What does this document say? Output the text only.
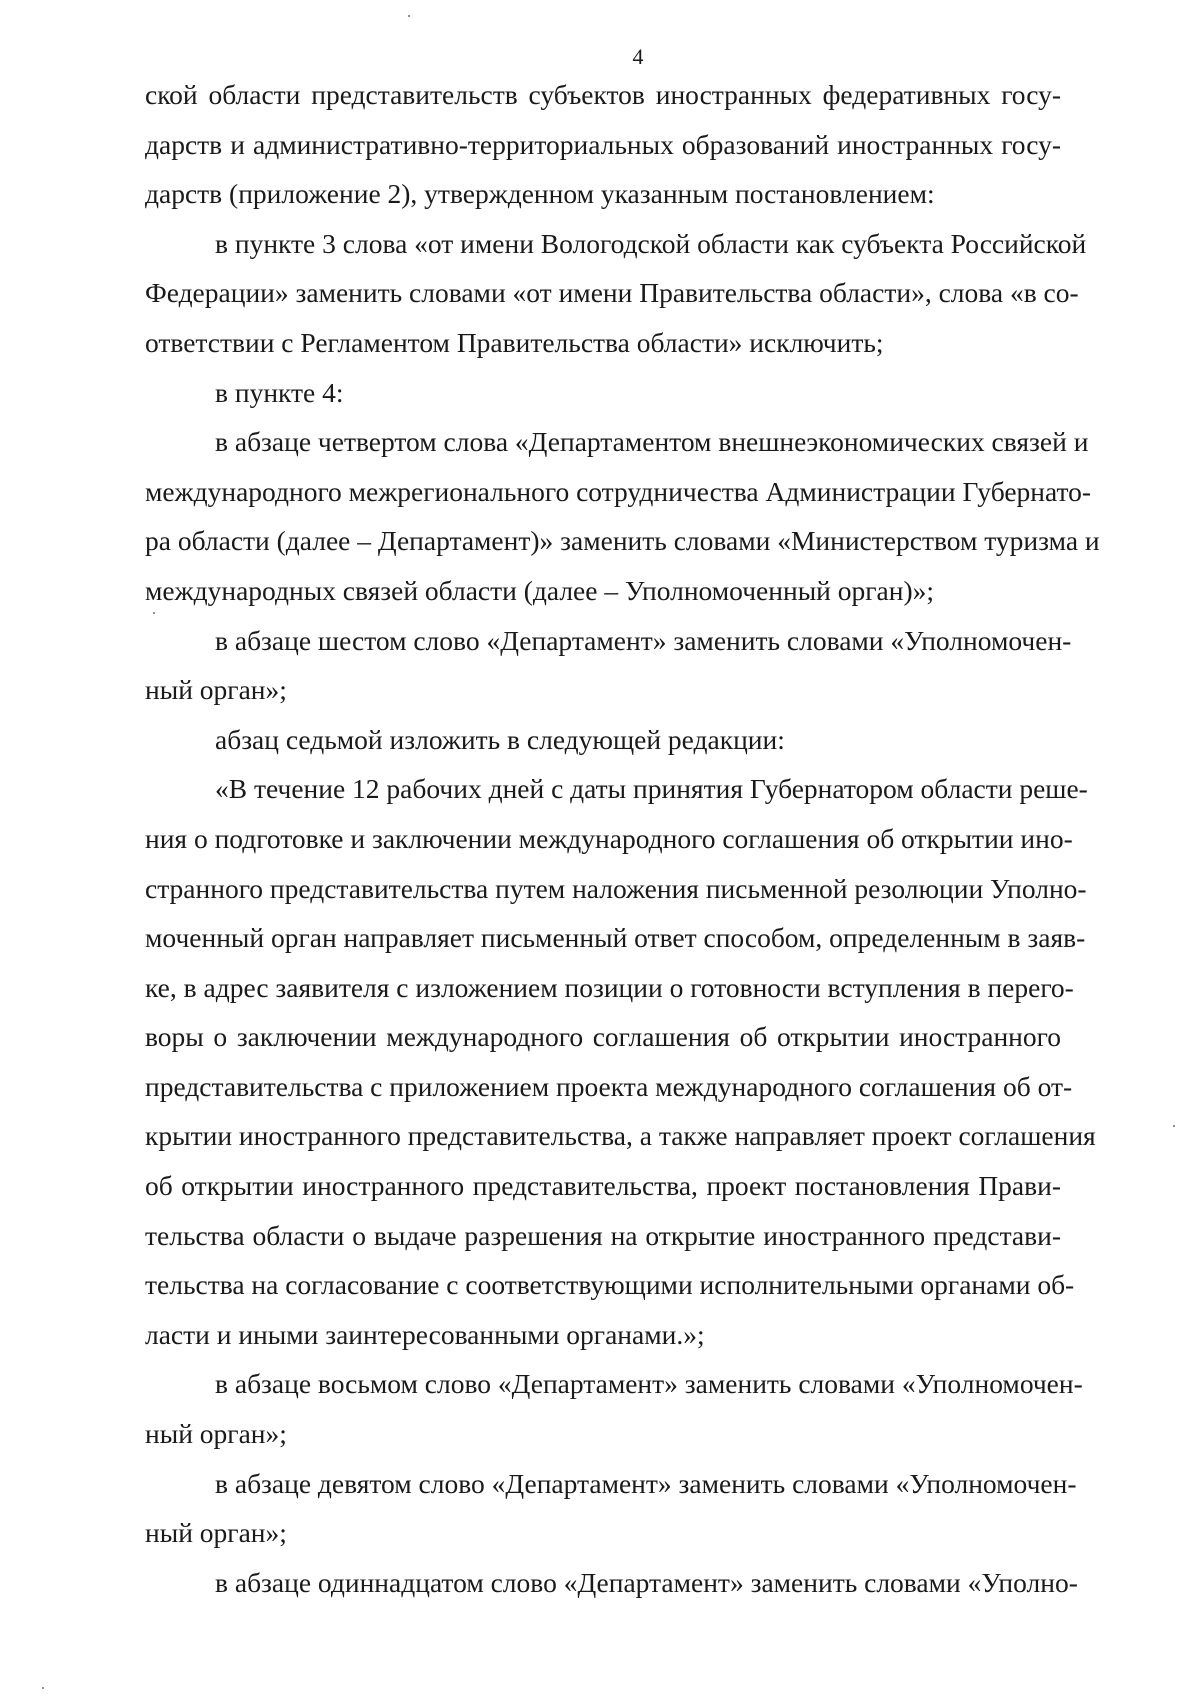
4
ской области представительств субъектов иностранных федеративных госу-
дарств и административно-территориальных образований иностранных госу-
дарств (приложение 2), утвержденном указанным постановлением:
в пункте 3 слова «от имени Вологодской области как субъекта Российской
Федерации» заменить словами «от имени Правительства области», слова «в со-
ответствии с Регламентом Правительства области» исключить;
в пункте 4:
в абзаце четвертом слова «Департаментом внешнеэкономических связей и
международного межрегионального сотрудничества Администрации Губернато-
ра области (далее – Департамент)» заменить словами «Министерством туризма и
международных связей области (далее – Уполномоченный орган)»;
в абзаце шестом слово «Департамент» заменить словами «Уполномочен-
ный орган»;
абзац седьмой изложить в следующей редакции:
«В течение 12 рабочих дней с даты принятия Губернатором области реше-
ния о подготовке и заключении международного соглашения об открытии ино-
странного представительства путем наложения письменной резолюции Уполно-
моченный орган направляет письменный ответ способом, определенным в заяв-
ке, в адрес заявителя с изложением позиции о готовности вступления в перего-
воры о заключении международного соглашения об открытии иностранного
представительства с приложением проекта международного соглашения об от-
крытии иностранного представительства, а также направляет проект соглашения
об открытии иностранного представительства, проект постановления Прави-
тельства области о выдаче разрешения на открытие иностранного представи-
тельства на согласование с соответствующими исполнительными органами об-
ласти и иными заинтересованными органами.»;
в абзаце восьмом слово «Департамент» заменить словами «Уполномочен-
ный орган»;
в абзаце девятом слово «Департамент» заменить словами «Уполномочен-
ный орган»;
в абзаце одиннадцатом слово «Департамент» заменить словами «Уполно-
